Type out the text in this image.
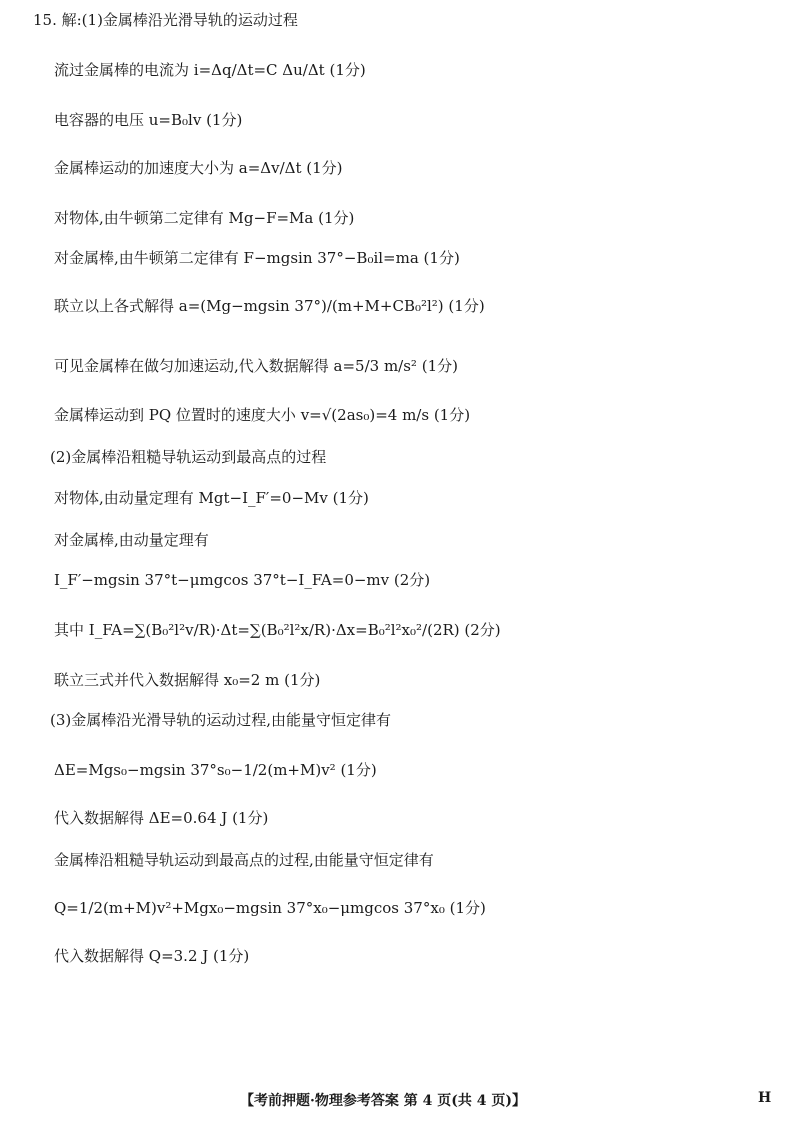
15. 解:(1)金属棒沿光滑导轨的运动过程
流过金属棒的电流为 i=Δq/Δt=C Δu/Δt (1分)
电容器的电压 u=B₀lv (1分)
金属棒运动的加速度大小为 a=Δv/Δt (1分)
对物体,由牛顿第二定律有 Mg−F=Ma (1分)
对金属棒,由牛顿第二定律有 F−mgsin 37°−B₀il=ma (1分)
联立以上各式解得 a=(Mg−mgsin 37°)/(m+M+CB₀²l²) (1分)
可见金属棒在做匀加速运动,代入数据解得 a=5/3 m/s² (1分)
金属棒运动到 PQ 位置时的速度大小 v=√(2as₀)=4 m/s (1分)
(2)金属棒沿粗糙导轨运动到最高点的过程
对物体,由动量定理有 Mgt−I_F′=0−Mv (1分)
对金属棒,由动量定理有
I_F′−mgsin 37°t−μmgcos 37°t−I_FA=0−mv (2分)
其中 I_FA=∑(B₀²l²v/R)·Δt=∑(B₀²l²x/R)·Δx=B₀²l²x₀²/(2R) (2分)
联立三式并代入数据解得 x₀=2 m (1分)
(3)金属棒沿光滑导轨的运动过程,由能量守恒定律有
ΔE=Mgs₀−mgsin 37°s₀−1/2(m+M)v² (1分)
代入数据解得 ΔE=0.64 J (1分)
金属棒沿粗糙导轨运动到最高点的过程,由能量守恒定律有
Q=1/2(m+M)v²+Mgx₀−mgsin 37°x₀−μmgcos 37°x₀ (1分)
代入数据解得 Q=3.2 J (1分)
【考前押题·物理参考答案 第 4 页(共 4 页)】	H
